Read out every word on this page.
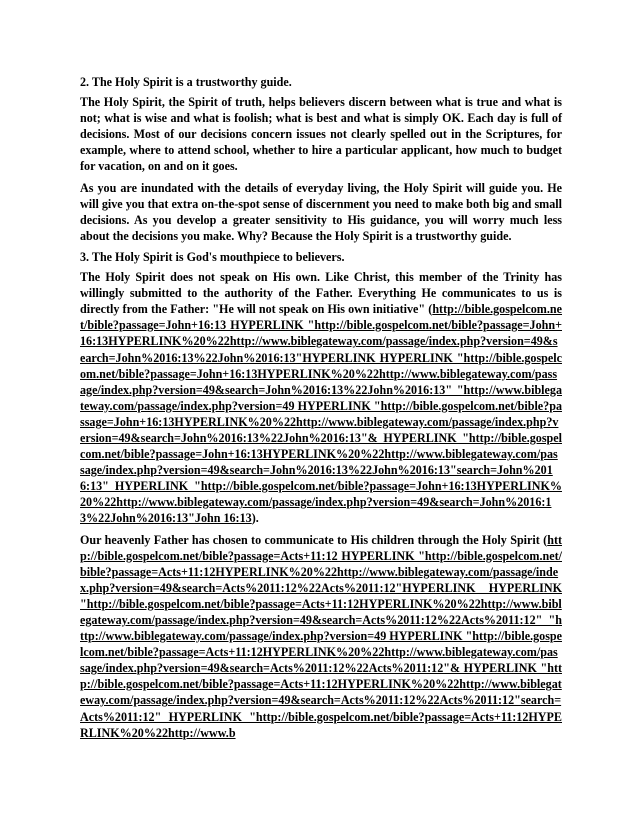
2. The Holy Spirit is a trustworthy guide.

The Holy Spirit, the Spirit of truth, helps believers discern between what is true and what is not; what is wise and what is foolish; what is best and what is simply OK. Each day is full of decisions. Most of our decisions concern issues not clearly spelled out in the Scriptures, for example, where to attend school, whether to hire a particular applicant, how much to budget for vacation, on and on it goes.

As you are inundated with the details of everyday living, the Holy Spirit will guide you. He will give you that extra on-the-spot sense of discernment you need to make both big and small decisions. As you develop a greater sensitivity to His guidance, you will worry much less about the decisions you make. Why? Because the Holy Spirit is a trustworthy guide.

3. The Holy Spirit is God's mouthpiece to believers.

The Holy Spirit does not speak on His own. Like Christ, this member of the Trinity has willingly submitted to the authority of the Father. Everything He communicates to us is directly from the Father: "He will not speak on His own initiative" (http://bible.gospelcom.net/bible?passage=John+16:13 HYPERLINK "http://bible.gospelcom.net/bible?passage=John+16:13HYPERLINK%20%22http://www.biblegateway.com/passage/index.php?version=49&search=John%2016:13%22John%2016:13"HYPERLINK HYPERLINK "http://bible.gospelcom.net/bible?passage=John+16:13HYPERLINK%20%22http://www.biblegateway.com/passage/index.php?version=49&search=John%2016:13%22John%2016:13" "http://www.biblegateway.com/passage/index.php?version=49 HYPERLINK "http://bible.gospelcom.net/bible?passage=John+16:13HYPERLINK%20%22http://www.biblegateway.com/passage/index.php?version=49&search=John%2016:13%22John%2016:13"& HYPERLINK "http://bible.gospelcom.net/bible?passage=John+16:13HYPERLINK%20%22http://www.biblegateway.com/passage/index.php?version=49&search=John%2016:13%22John%2016:13"search=John%2016:13" HYPERLINK "http://bible.gospelcom.net/bible?passage=John+16:13HYPERLINK%20%22http://www.biblegateway.com/passage/index.php?version=49&search=John%2016:13%22John%2016:13"John 16:13).

Our heavenly Father has chosen to communicate to His children through the Holy Spirit (http://bible.gospelcom.net/bible?passage=Acts+11:12 HYPERLINK "http://bible.gospelcom.net/bible?passage=Acts+11:12HYPERLINK%20%22http://www.biblegateway.com/passage/index.php?version=49&search=Acts%2011:12%22Acts%2011:12"HYPERLINK HYPERLINK "http://bible.gospelcom.net/bible?passage=Acts+11:12HYPERLINK%20%22http://www.biblegateway.com/passage/index.php?version=49&search=Acts%2011:12%22Acts%2011:12" "http://www.biblegateway.com/passage/index.php?version=49 HYPERLINK "http://bible.gospelcom.net/bible?passage=Acts+11:12HYPERLINK%20%22http://www.biblegateway.com/passage/index.php?version=49&search=Acts%2011:12%22Acts%2011:12"& HYPERLINK "http://bible.gospelcom.net/bible?passage=Acts+11:12HYPERLINK%20%22http://www.biblegateway.com/passage/index.php?version=49&search=Acts%2011:12%22Acts%2011:12"search=Acts%2011:12" HYPERLINK "http://bible.gospelcom.net/bible?passage=Acts+11:12HYPERLINK%20%22http://www.b
